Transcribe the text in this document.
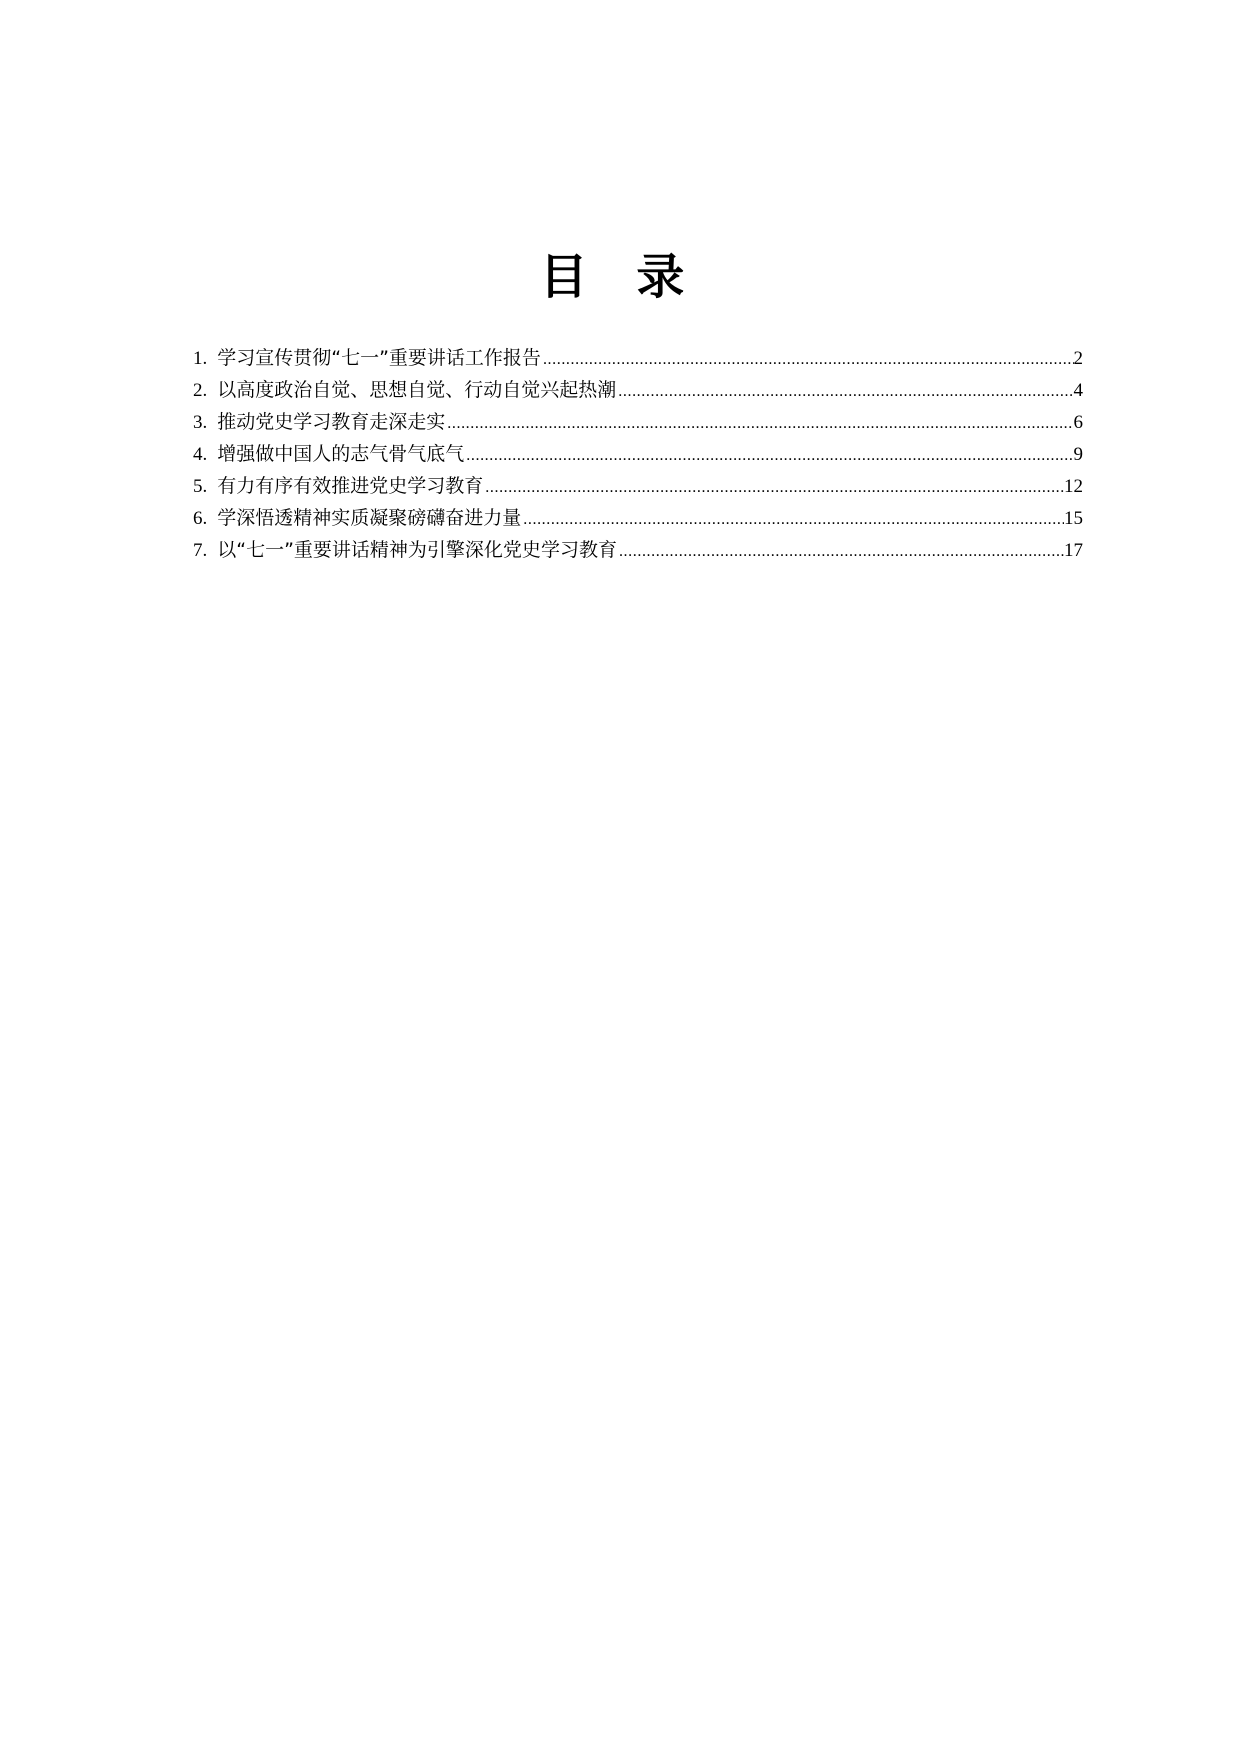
目 录
1 . 学习宣传贯彻“七一”重要讲话工作报告 .....	2
2 . 以高度政治自觉、思想自觉、行动自觉兴起热潮 .....	4
3 . 推动党史学习教育走深走实 .....	6
4 . 增强做中国人的志气骨气底气 .....	9
5 . 有力有序有效推进党史学习教育 .....	12
6 . 学深悟透精神实质凝聚磅礴奋进力量 .....	15
7 . 以“七一”重要讲话精神为引擎深化党史学习教育 .....	17
